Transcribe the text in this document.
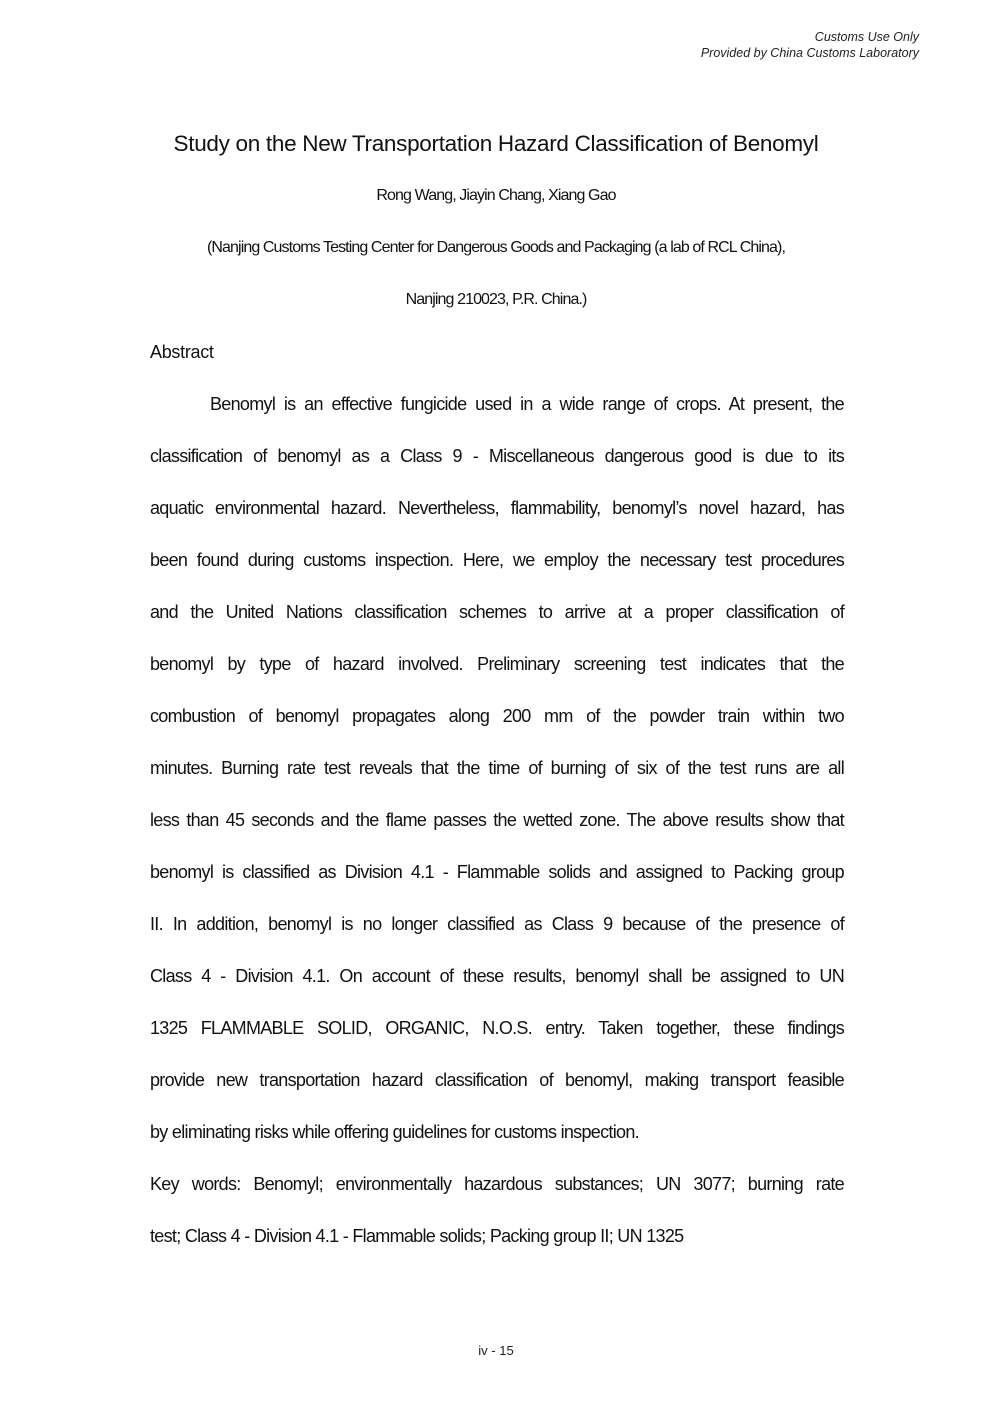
Customs Use Only
Provided by China Customs Laboratory
Study on the New Transportation Hazard Classification of Benomyl
Rong Wang, Jiayin Chang, Xiang Gao
(Nanjing Customs Testing Center for Dangerous Goods and Packaging (a lab of RCL China),
Nanjing 210023, P.R. China.)
Abstract
Benomyl is an effective fungicide used in a wide range of crops. At present, the
classification of benomyl as a Class 9 - Miscellaneous dangerous good is due to its
aquatic environmental hazard. Nevertheless, flammability, benomyl’s novel hazard, has
been found during customs inspection. Here, we employ the necessary test procedures
and the United Nations classification schemes to arrive at a proper classification of
benomyl by type of hazard involved. Preliminary screening test indicates that the
combustion of benomyl propagates along 200 mm of the powder train within two
minutes. Burning rate test reveals that the time of burning of six of the test runs are all
less than 45 seconds and the flame passes the wetted zone. The above results show that
benomyl is classified as Division 4.1 - Flammable solids and assigned to Packing group
II. In addition, benomyl is no longer classified as Class 9 because of the presence of
Class 4 - Division 4.1. On account of these results, benomyl shall be assigned to UN
1325 FLAMMABLE SOLID, ORGANIC, N.O.S. entry. Taken together, these findings
provide new transportation hazard classification of benomyl, making transport feasible
by eliminating risks while offering guidelines for customs inspection.
Key words: Benomyl; environmentally hazardous substances; UN 3077; burning rate
test; Class 4 - Division 4.1 - Flammable solids; Packing group II; UN 1325
iv - 15
